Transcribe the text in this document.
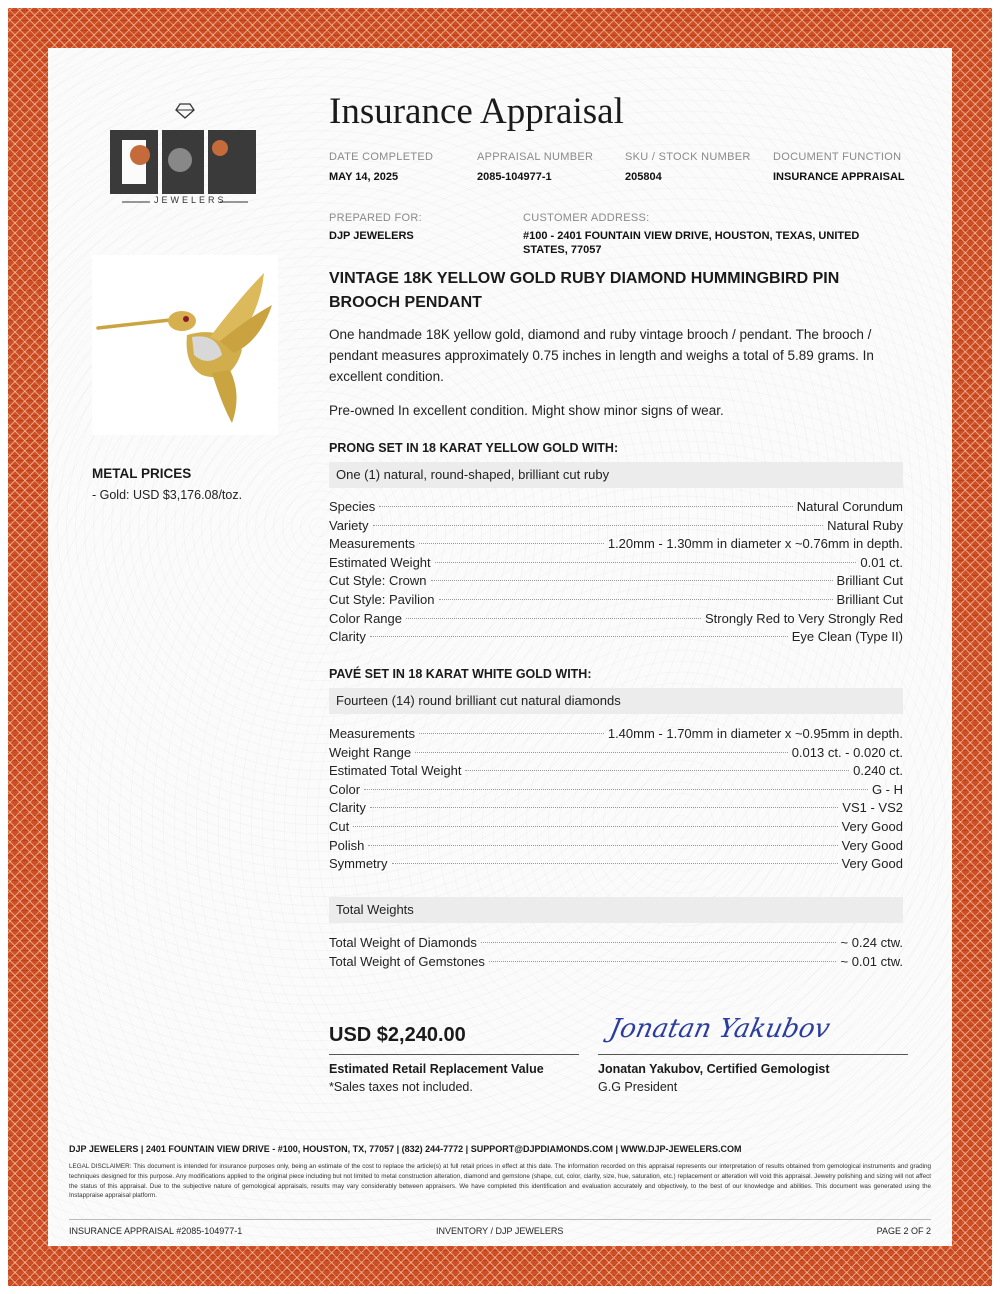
JEWELERS
METAL PRICES
- Gold: USD $3,176.08/toz.
Insurance Appraisal
DATE COMPLETED
MAY 14, 2025
APPRAISAL NUMBER
2085-104977-1
SKU / STOCK NUMBER
205804
DOCUMENT FUNCTION
INSURANCE APPRAISAL
PREPARED FOR:
DJP JEWELERS
CUSTOMER ADDRESS:
#100 - 2401 FOUNTAIN VIEW DRIVE, HOUSTON, TEXAS, UNITED STATES, 77057
VINTAGE 18K YELLOW GOLD RUBY DIAMOND HUMMINGBIRD PIN BROOCH PENDANT
One handmade 18K yellow gold, diamond and ruby vintage brooch / pendant. The brooch / pendant measures approximately 0.75 inches in length and weighs a total of 5.89 grams. In excellent condition.
Pre-owned In excellent condition. Might show minor signs of wear.
PRONG SET IN 18 KARAT YELLOW GOLD WITH:
One (1) natural, round-shaped, brilliant cut ruby
Species	Natural Corundum
Variety	Natural Ruby
Measurements	1.20mm - 1.30mm in diameter x ~0.76mm in depth.
Estimated Weight	0.01 ct.
Cut Style: Crown	Brilliant Cut
Cut Style: Pavilion	Brilliant Cut
Color Range	Strongly Red to Very Strongly Red
Clarity	Eye Clean (Type II)
PAVÉ SET IN 18 KARAT WHITE GOLD WITH:
Fourteen (14) round brilliant cut natural diamonds
Measurements	1.40mm - 1.70mm in diameter x ~0.95mm in depth.
Weight Range	0.013 ct. - 0.020 ct.
Estimated Total Weight	0.240 ct.
Color	G - H
Clarity	VS1 - VS2
Cut	Very Good
Polish	Very Good
Symmetry	Very Good
Total Weights
Total Weight of Diamonds	~ 0.24 ctw.
Total Weight of Gemstones	~ 0.01 ctw.
USD $2,240.00
Estimated Retail Replacement Value
*Sales taxes not included.
Jonatan Yakubov
Jonatan Yakubov, Certified Gemologist
G.G President
DJP JEWELERS | 2401 FOUNTAIN VIEW DRIVE - #100, HOUSTON, TX, 77057 | (832) 244-7772 | SUPPORT@DJPDIAMONDS.COM | WWW.DJP-JEWELERS.COM
LEGAL DISCLAIMER: This document is intended for insurance purposes only, being an estimate of the cost to replace the article(s) at full retail prices in effect at this date. The information recorded on this appraisal represents our interpretation of results obtained from gemological instruments and grading techniques designed for this purpose. Any modifications applied to the original piece including but not limited to metal construction alteration, diamond and gemstone (shape, cut, color, clarity, size, hue, saturation, etc.) replacement or alteration will void this appraisal. Jewelry polishing and sizing will not affect the status of this appraisal. Due to the subjective nature of gemological appraisals, results may vary considerably between appraisers. We have completed this identification and evaluation accurately and objectively, to the best of our knowledge and abilities. This document was generated using the Instappraise appraisal platform.
INSURANCE APPRAISAL #2085-104977-1	INVENTORY / DJP JEWELERS	PAGE 2 OF 2
